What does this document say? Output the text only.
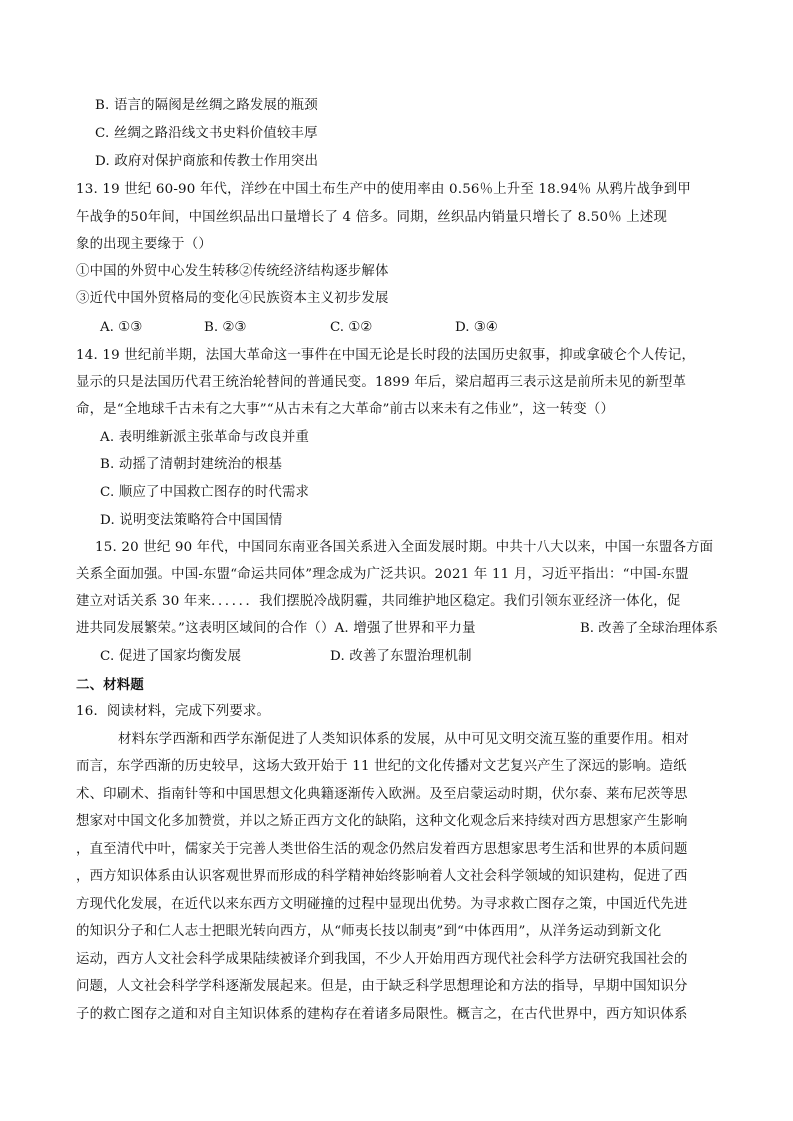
B. 语言的隔阂是丝绸之路发展的瓶颈
C. 丝绸之路沿线文书史料价值较丰厚
D. 政府对保护商旅和传教士作用突出
13. 19 世纪 60-90 年代，洋纱在中国土布生产中的使用率由 0.56％上升至 18.94％ 从鸦片战争到甲
午战争的50年间，中国丝织品出口量增长了 4 倍多。同期，丝织品内销量只增长了 8.50％ 上述现
象的出现主要缘于（）
①中国的外贸中心发生转移②传统经济结构逐步解体
③近代中国外贸格局的变化④民族资本主义初步发展
A. ①③	B. ②③	C. ①②	D. ③④
14. 19 世纪前半期，法国大革命这一事件在中国无论是长时段的法国历史叙事，抑或拿破仑个人传记，
显示的只是法国历代君王统治轮替间的普通民变。1899 年后，梁启超再三表示这是前所未见的新型革
命，是“全地球千古未有之大事”“从古未有之大革命”前古以来未有之伟业”，这一转变（）
A. 表明维新派主张革命与改良并重
B. 动摇了清朝封建统治的根基
C. 顺应了中国救亡图存的时代需求
D. 说明变法策略符合中国国情
15. 20 世纪 90 年代，中国同东南亚各国关系进入全面发展时期。中共十八大以来，中国一东盟各方面
关系全面加强。中国-东盟“命运共同体”理念成为广泛共识。2021 年 11 月，习近平指出：“中国-东盟
建立对话关系 30 年来．．．．．．我们摆脱冷战阴霾，共同维护地区稳定。我们引领东亚经济一体化，促
进共同发展繁荣。”这表明区域间的合作（）A. 增强了世界和平力量	B. 改善了全球治理体系
C. 促进了国家均衡发展	D. 改善了东盟治理机制
二、材料题
16．阅读材料，完成下列要求。
材料东学西渐和西学东渐促进了人类知识体系的发展，从中可见文明交流互鉴的重要作用。相对
而言，东学西渐的历史较早，这场大致开始于 11 世纪的文化传播对文艺复兴产生了深远的影响。造纸
术、印刷术、指南针等和中国思想文化典籍逐渐传入欧洲。及至启蒙运动时期，伏尔泰、莱布尼茨等思
想家对中国文化多加赞赏，并以之矫正西方文化的缺陷，这种文化观念后来持续对西方思想家产生影响
，直至清代中叶，儒家关于完善人类世俗生活的观念仍然启发着西方思想家思考生活和世界的本质问题
，西方知识体系由认识客观世界而形成的科学精神始终影响着人文社会科学领域的知识建构，促进了西
方现代化发展，在近代以来东西方文明碰撞的过程中显现出优势。为寻求救亡图存之策，中国近代先进
的知识分子和仁人志士把眼光转向西方，从“师夷长技以制夷”到“中体西用”，从洋务运动到新文化
运动，西方人文社会科学成果陆续被译介到我国，不少人开始用西方现代社会科学方法研究我国社会的
问题，人文社会科学学科逐渐发展起来。但是，由于缺乏科学思想理论和方法的指导，早期中国知识分
子的救亡图存之道和对自主知识体系的建构存在着诸多局限性。概言之，在古代世界中，西方知识体系
